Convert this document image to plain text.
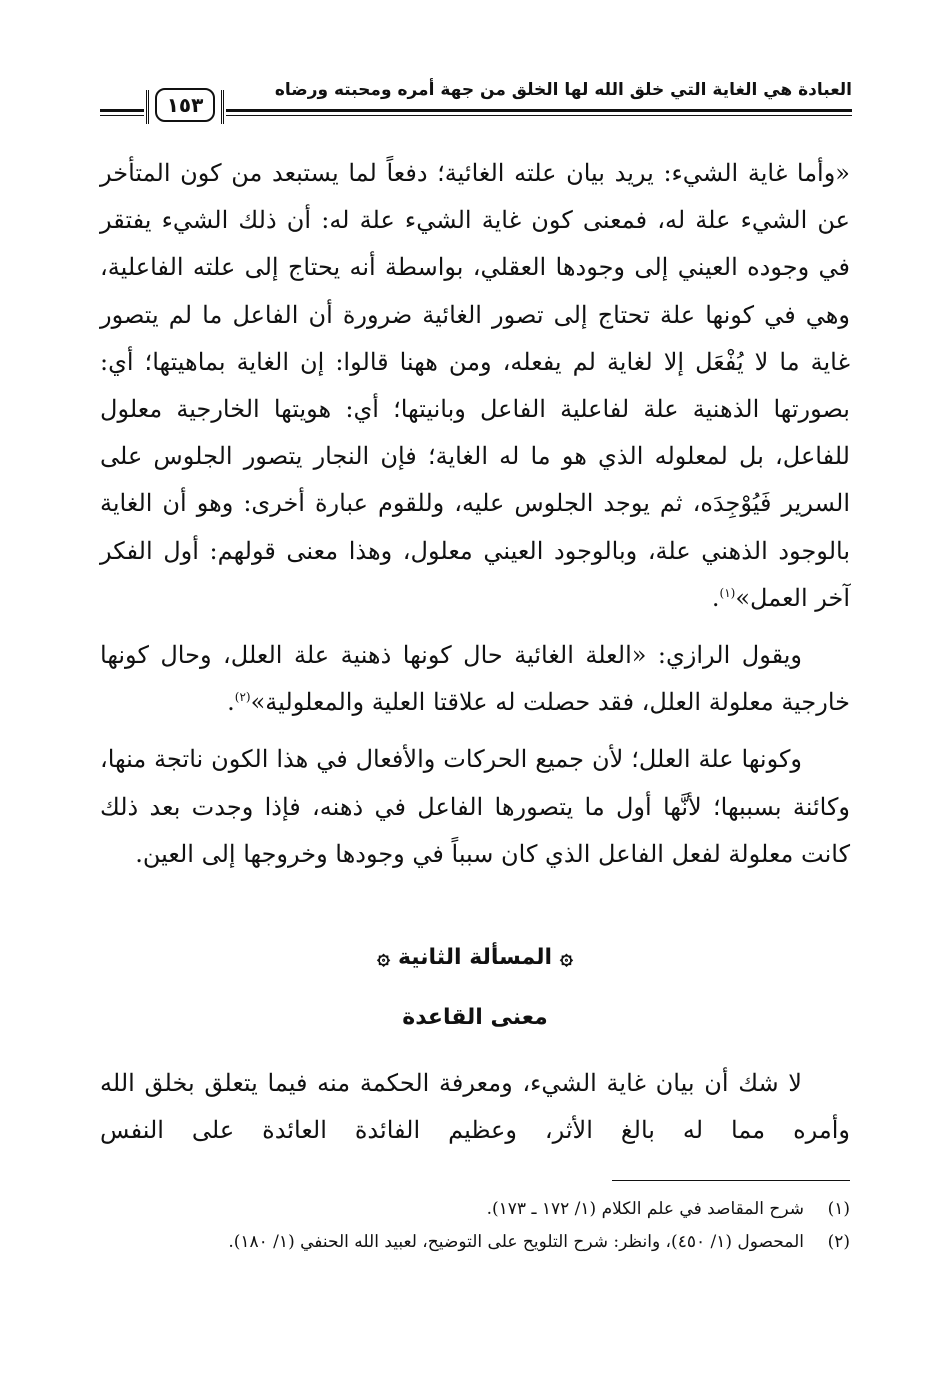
العبادة هي الغاية التي خلق الله لها الخلق من جهة أمره ومحبته ورضاه
١٥٣

«وأما غاية الشيء: يريد بيان علته الغائية؛ دفعاً لما يستبعد من كون المتأخر عن الشيء علة له، فمعنى كون غاية الشيء علة له: أن ذلك الشيء يفتقر في وجوده العيني إلى وجودها العقلي، بواسطة أنه يحتاج إلى علته الفاعلية، وهي في كونها علة تحتاج إلى تصور الغائية ضرورة أن الفاعل ما لم يتصور غاية ما لا يُفْعَل إلا لغاية لم يفعله، ومن ههنا قالوا: إن الغاية بماهيتها؛ أي: بصورتها الذهنية علة لفاعلية الفاعل وبانيتها؛ أي: هويتها الخارجية معلول للفاعل، بل لمعلوله الذي هو ما له الغاية؛ فإن النجار يتصور الجلوس على السرير فَيُوْجِدَه، ثم يوجد الجلوس عليه، وللقوم عبارة أخرى: وهو أن الغاية بالوجود الذهني علة، وبالوجود العيني معلول، وهذا معنى قولهم: أول الفكر آخر العمل»$^{(١)}$.

ويقول الرازي: «العلة الغائية حال كونها ذهنية علة العلل، وحال كونها خارجية معلولة العلل، فقد حصلت له علاقتا العلية والمعلولية»$^{(٢)}$.

وكونها علة العلل؛ لأن جميع الحركات والأفعال في هذا الكون ناتجة منها، وكائنة بسببها؛ لأنَّها أول ما يتصورها الفاعل في ذهنه، فإذا وجدت بعد ذلك كانت معلولة لفعل الفاعل الذي كان سبباً في وجودها وخروجها إلى العين.

۞المسألة الثانية۞
معنى القاعدة

لا شك أن بيان غاية الشيء، ومعرفة الحكمة منه فيما يتعلق بخلق الله وأمره مما له بالغ الأثر، وعظيم الفائدة العائدة على النفس

(١)
شرح المقاصد في علم الكلام (١/ ١٧٢ ـ ١٧٣).
(٢)
المحصول (١/ ٤٥٠)، وانظر: شرح التلويح على التوضيح، لعبيد الله الحنفي (١/ ١٨٠).
